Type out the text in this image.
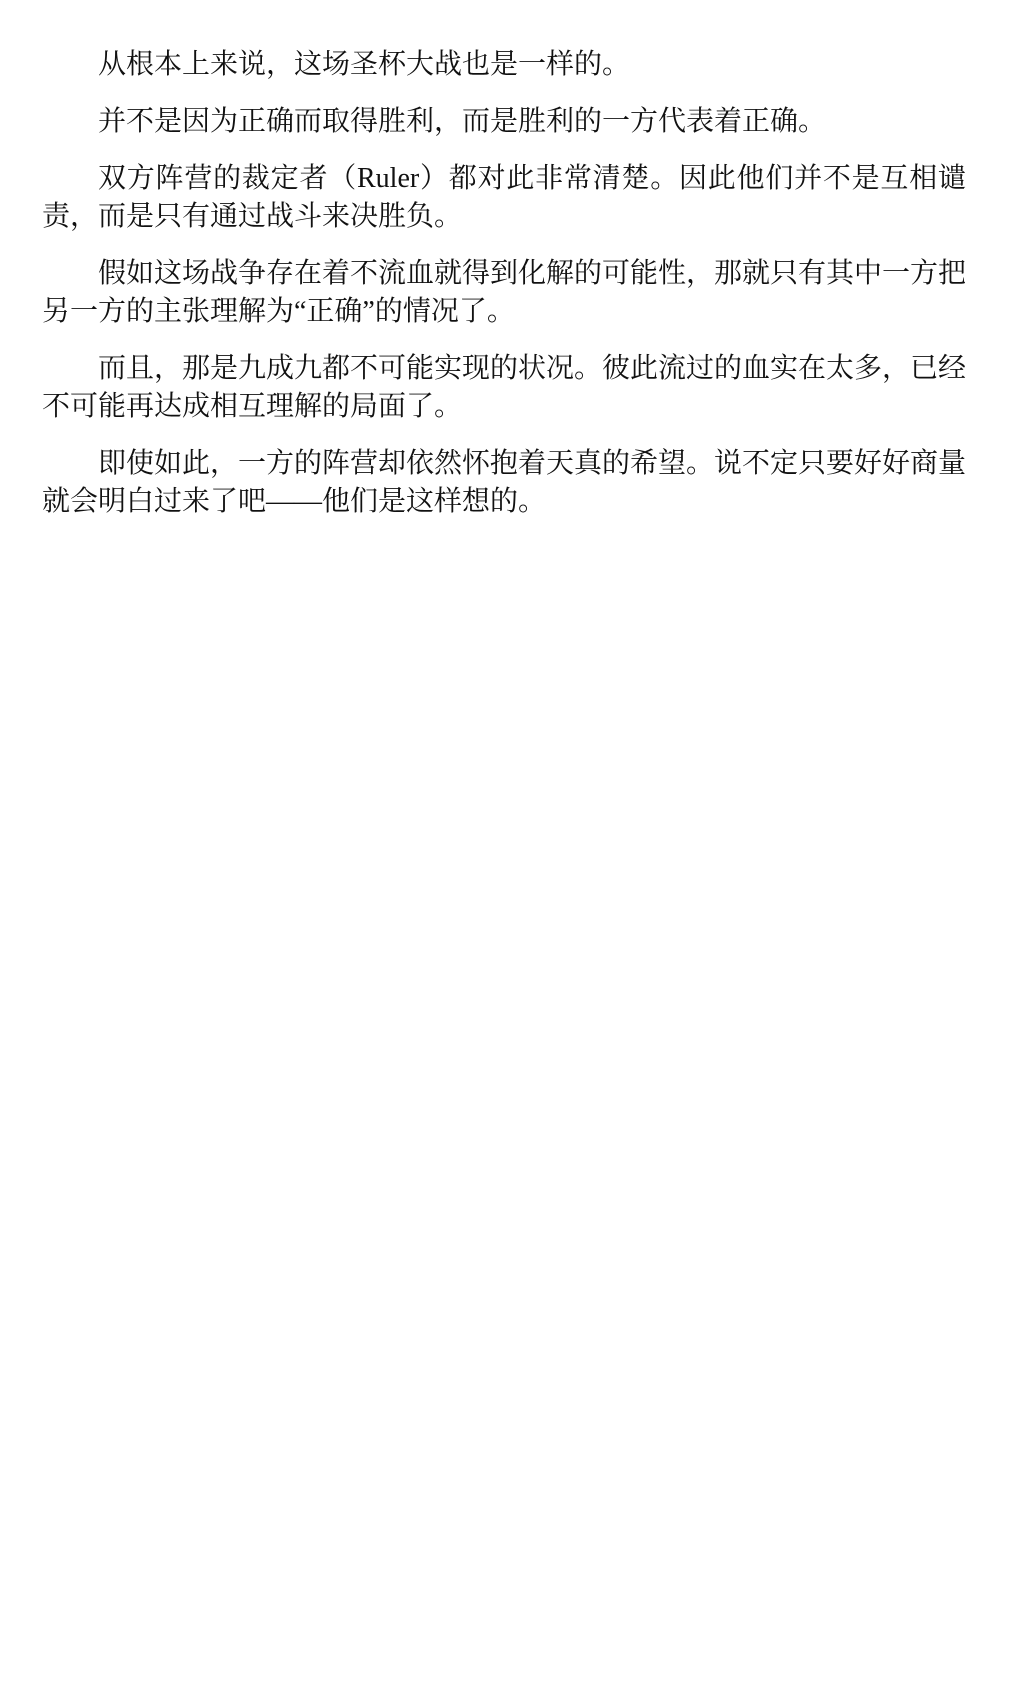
从根本上来说，这场圣杯大战也是一样的。

并不是因为正确而取得胜利，而是胜利的一方代表着正确。

双方阵营的裁定者（Ruler）都对此非常清楚。因此他们并不是互相谴责，而是只有通过战斗来决胜负。

假如这场战争存在着不流血就得到化解的可能性，那就只有其中一方把另一方的主张理解为“正确”的情况了。

而且，那是九成九都不可能实现的状况。彼此流过的血实在太多，已经不可能再达成相互理解的局面了。

即使如此，一方的阵营却依然怀抱着天真的希望。说不定只要好好商量就会明白过来了吧——他们是这样想的。
